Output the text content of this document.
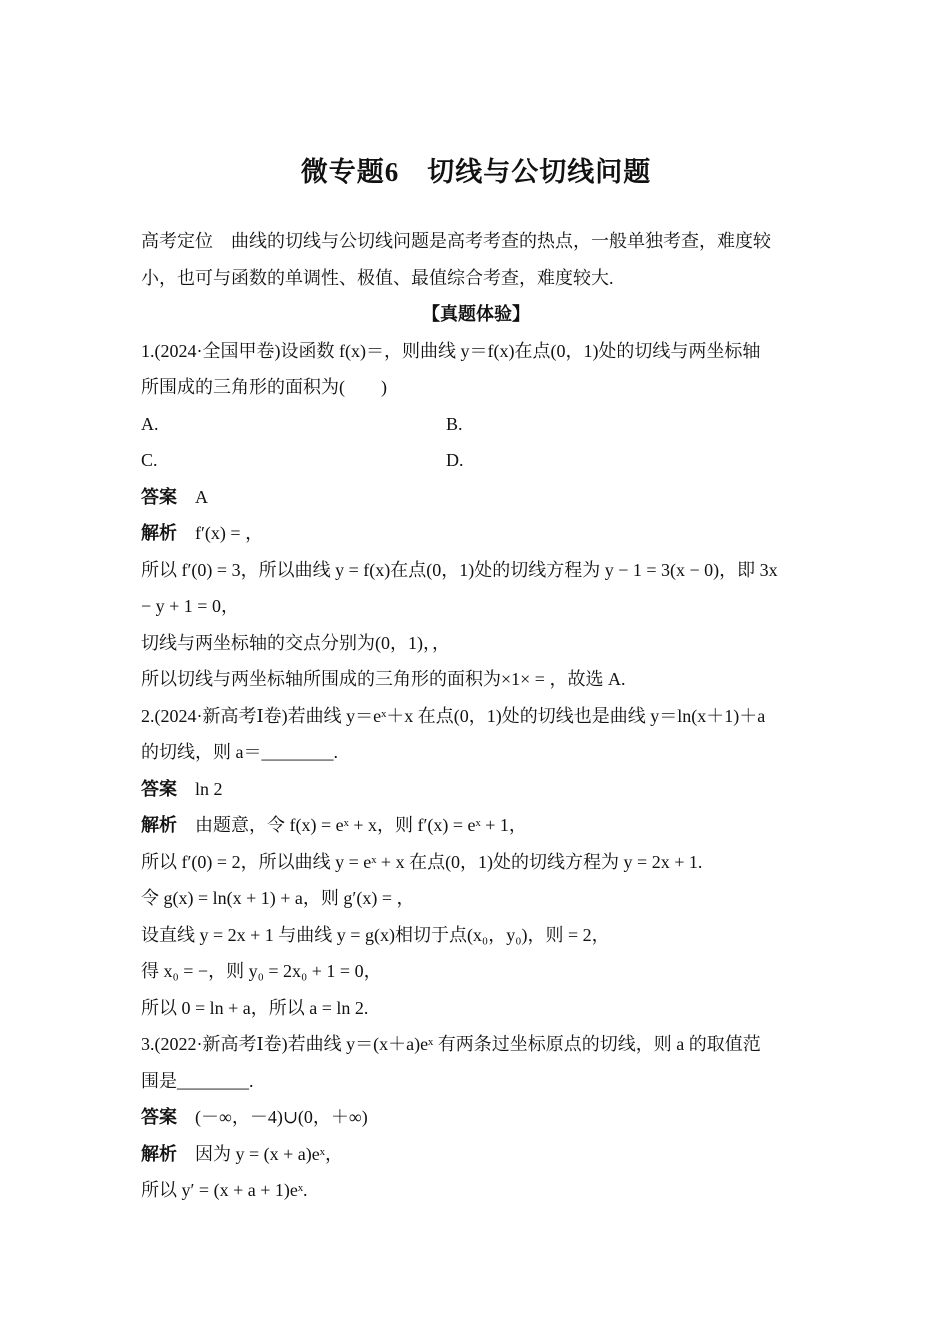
微专题6　切线与公切线问题
高考定位　曲线的切线与公切线问题是高考考查的热点，一般单独考查，难度较
小，也可与函数的单调性、极值、最值综合考查，难度较大.
【真题体验】
1.(2024·全国甲卷)设函数 f(x)＝，则曲线 y＝f(x)在点(0，1)处的切线与两坐标轴
所围成的三角形的面积为(　　)
A.	B.
C.	D.
答案 A
解析 f′(x) = ，
所以 f′(0) = 3，所以曲线 y = f(x)在点(0，1)处的切线方程为 y − 1 = 3(x − 0)，即 3x
− y + 1 = 0，
切线与两坐标轴的交点分别为(0，1)，，
所以切线与两坐标轴所围成的三角形的面积为×1× = ，故选 A.
2.(2024·新高考Ⅰ卷)若曲线 y＝eˣ＋x 在点(0，1)处的切线也是曲线 y＝ln(x＋1)＋a
的切线，则 a＝________.
答案 ln 2
解析 由题意，令 f(x) = eˣ + x，则 f′(x) = eˣ + 1，
所以 f′(0) = 2，所以曲线 y = eˣ + x 在点(0，1)处的切线方程为 y = 2x + 1.
令 g(x) = ln(x + 1) + a，则 g′(x) = ，
设直线 y = 2x + 1 与曲线 y = g(x)相切于点(x₀，y₀)，则 = 2，
得 x₀ = −，则 y₀ = 2x₀ + 1 = 0，
所以 0 = ln + a，所以 a = ln 2.
3.(2022·新高考Ⅰ卷)若曲线 y＝(x＋a)eˣ 有两条过坐标原点的切线，则 a 的取值范
围是________.
答案 (－∞，－4)∪(0，＋∞)
解析 因为 y = (x + a)eˣ，
所以 y′ = (x + a + 1)eˣ.
